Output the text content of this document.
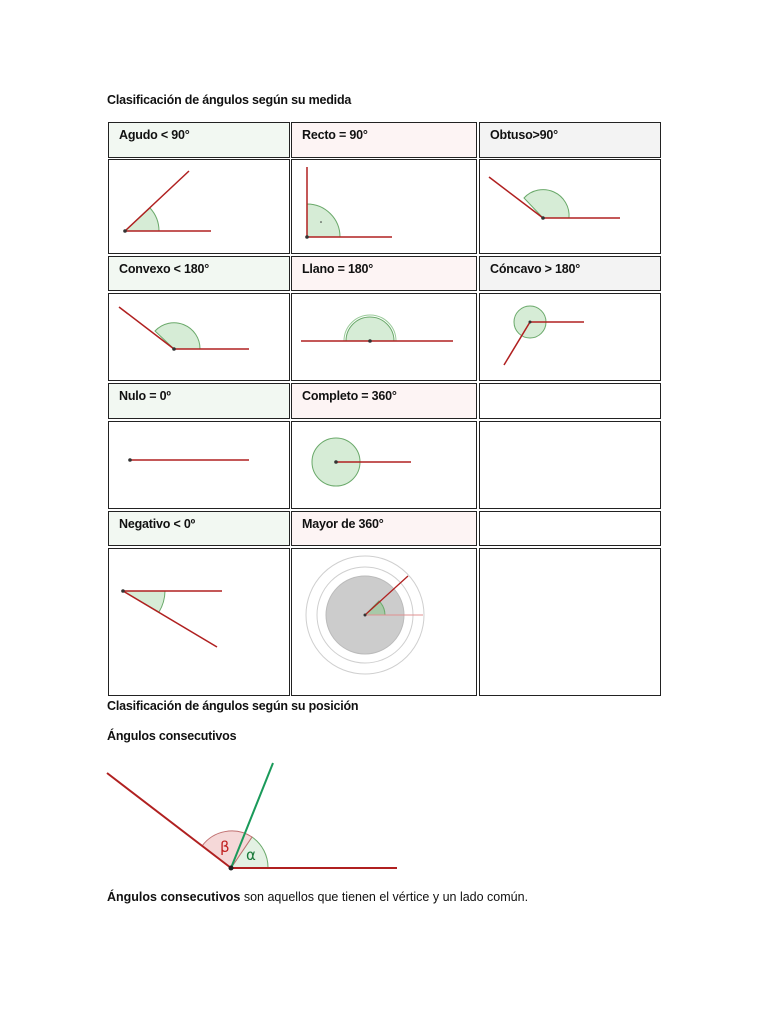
Clasificación de ángulos según su medida
Agudo < 90°	Recto = 90°	Obtuso>90°
Convexo < 180°	Llano = 180°	Cóncavo > 180°
Nulo = 0º	Completo = 360°
Negativo < 0º	Mayor de 360°
Clasificación de ángulos según su posición
Ángulos consecutivos
β α
Ángulos consecutivos son aquellos que tienen el vértice y un lado común.
